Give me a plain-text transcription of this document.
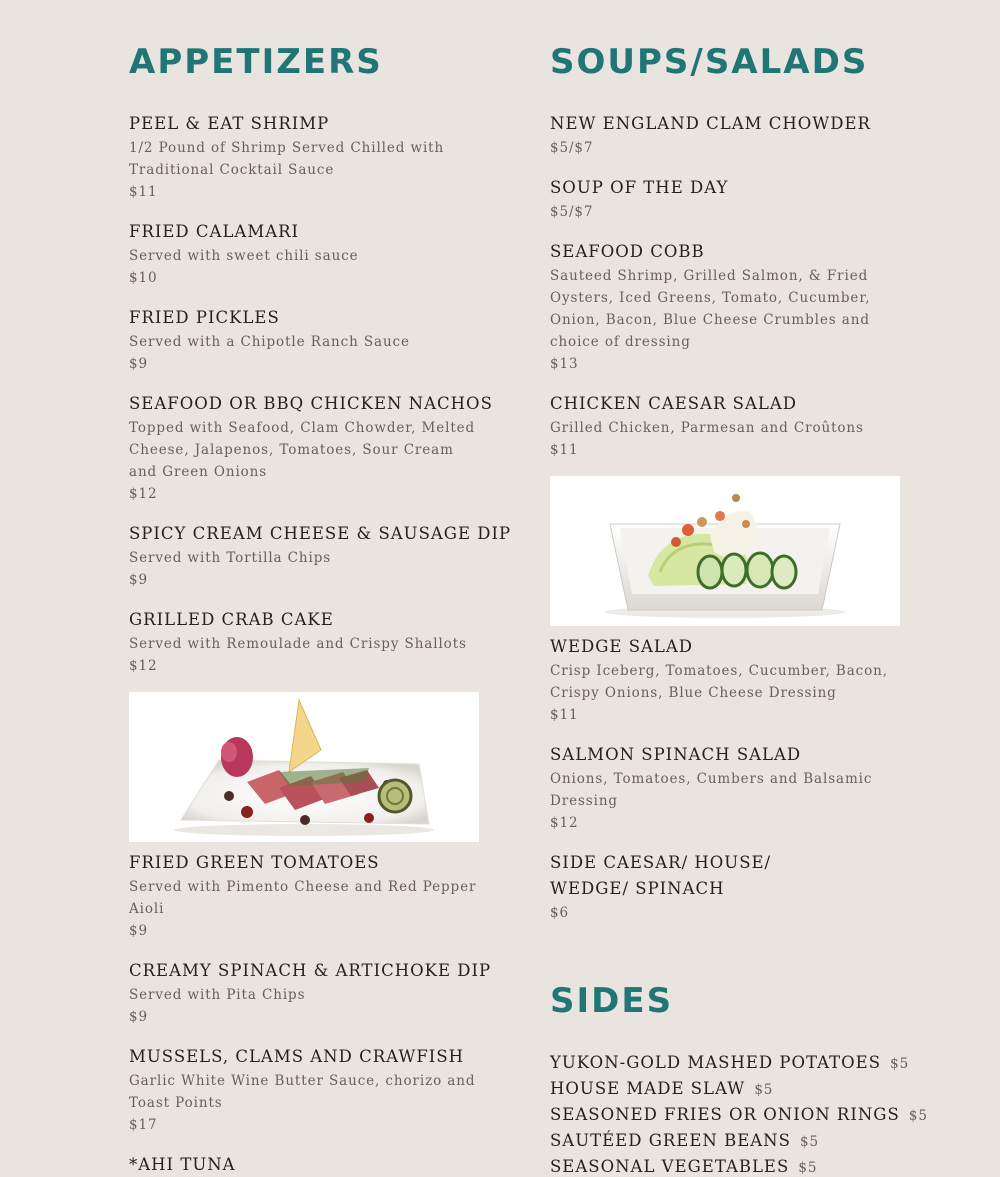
APPETIZERS
PEEL & EAT SHRIMP
1/2 Pound of Shrimp Served Chilled with Traditional Cocktail Sauce
$11
FRIED CALAMARI
Served with sweet chili sauce
$10
FRIED PICKLES
Served with a Chipotle Ranch Sauce
$9
SEAFOOD OR BBQ CHICKEN NACHOS
Topped with Seafood, Clam Chowder, Melted Cheese, Jalapenos, Tomatoes, Sour Cream and Green Onions
$12
SPICY CREAM CHEESE & SAUSAGE DIP
Served with Tortilla Chips
$9
GRILLED CRAB CAKE
Served with Remoulade and Crispy Shallots
$12
FRIED GREEN TOMATOES
Served with Pimento Cheese and Red Pepper Aioli
$9
CREAMY SPINACH & ARTICHOKE DIP
Served with Pita Chips
$9
MUSSELS, CLAMS AND CRAWFISH
Garlic White Wine Butter Sauce, chorizo and Toast Points
$17
*AHI TUNA
SOUPS/SALADS
NEW ENGLAND CLAM CHOWDER
$5/$7
SOUP OF THE DAY
$5/$7
SEAFOOD COBB
Sauteed Shrimp, Grilled Salmon, & Fried Oysters, Iced Greens, Tomato, Cucumber, Onion, Bacon, Blue Cheese Crumbles and choice of dressing
$13
CHICKEN CAESAR SALAD
Grilled Chicken, Parmesan and Croûtons
$11
WEDGE SALAD
Crisp Iceberg, Tomatoes, Cucumber, Bacon, Crispy Onions, Blue Cheese Dressing
$11
SALMON SPINACH SALAD
Onions, Tomatoes, Cumbers and Balsamic Dressing
$12
SIDE CAESAR/ HOUSE/ WEDGE/ SPINACH
$6
SIDES
YUKON-GOLD MASHED POTATOES $5
HOUSE MADE SLAW $5
SEASONED FRIES OR ONION RINGS $5
SAUTÉED GREEN BEANS $5
SEASONAL VEGETABLES $5
